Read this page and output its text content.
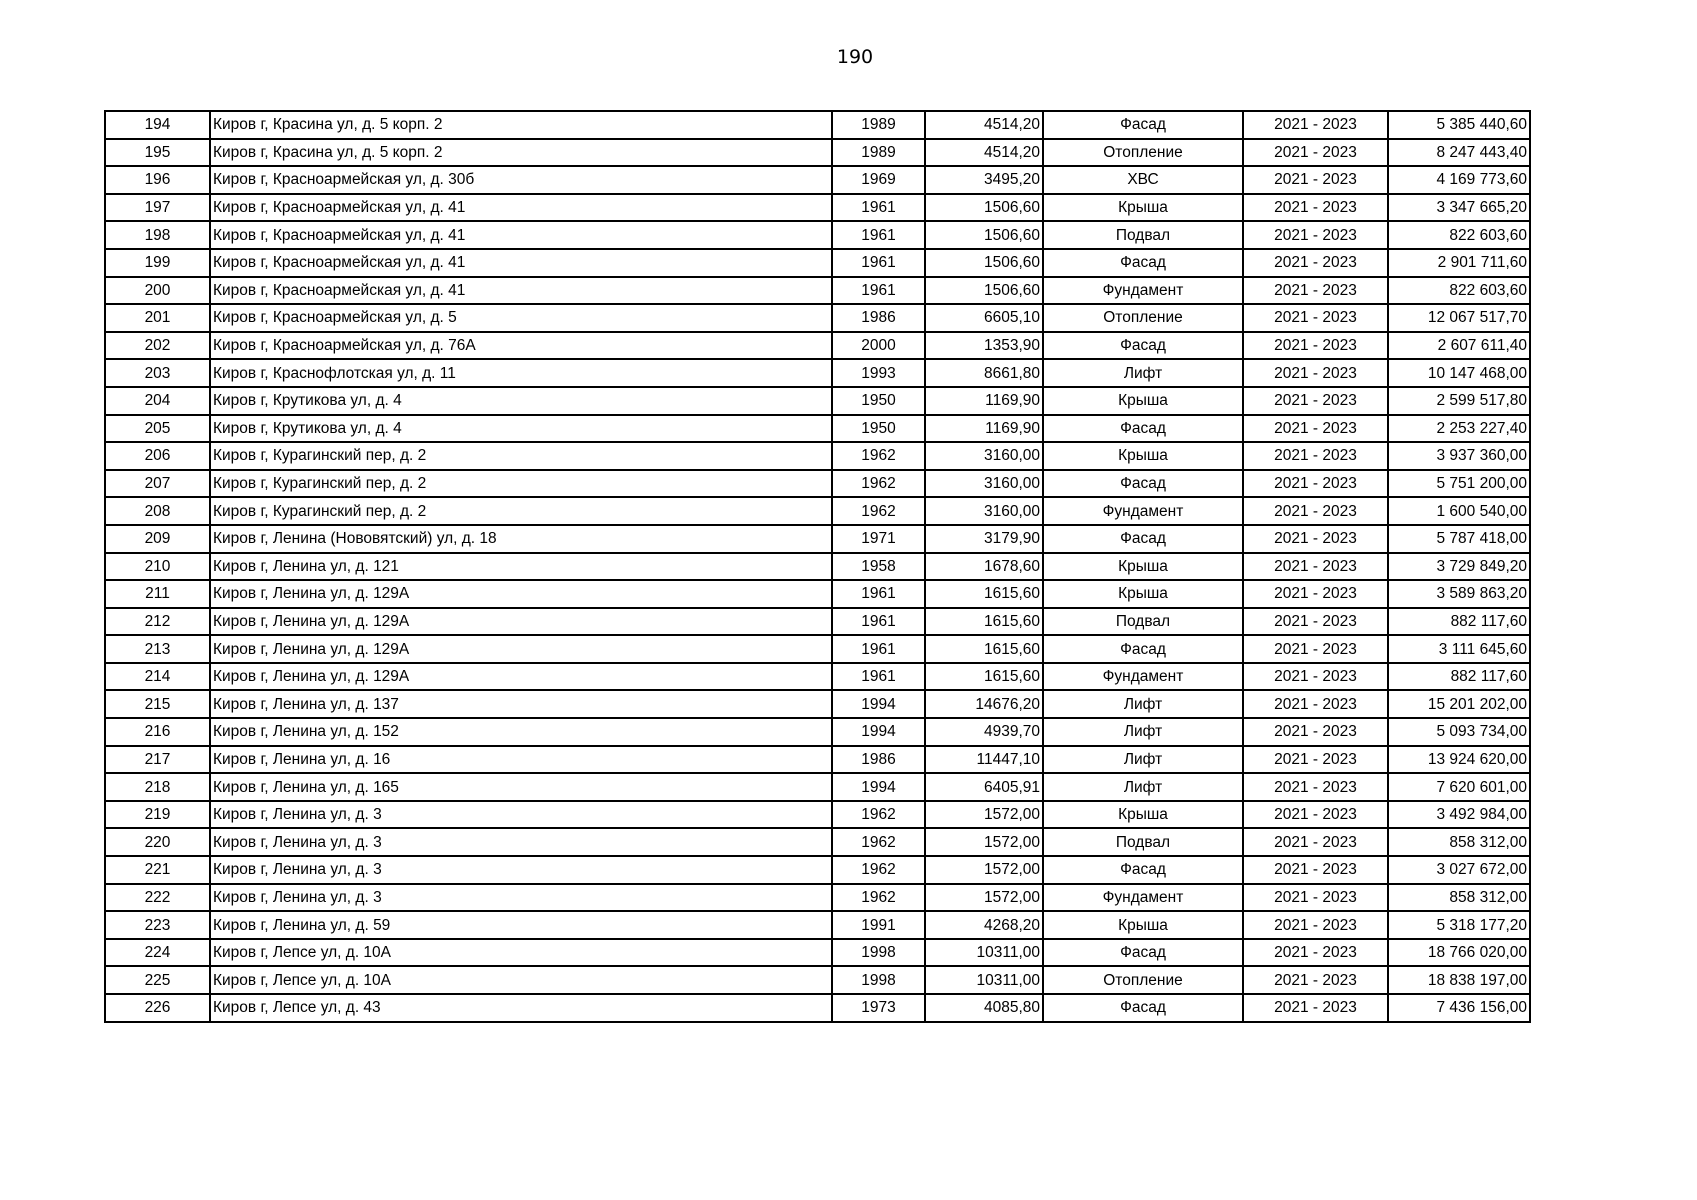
190
194	Киров г, Красина ул, д. 5 корп. 2	1989	4514,20	Фасад	2021 - 2023	5 385 440,60
195	Киров г, Красина ул, д. 5 корп. 2	1989	4514,20	Отопление	2021 - 2023	8 247 443,40
196	Киров г, Красноармейская ул, д. 30б	1969	3495,20	ХВС	2021 - 2023	4 169 773,60
197	Киров г, Красноармейская ул, д. 41	1961	1506,60	Крыша	2021 - 2023	3 347 665,20
198	Киров г, Красноармейская ул, д. 41	1961	1506,60	Подвал	2021 - 2023	822 603,60
199	Киров г, Красноармейская ул, д. 41	1961	1506,60	Фасад	2021 - 2023	2 901 711,60
200	Киров г, Красноармейская ул, д. 41	1961	1506,60	Фундамент	2021 - 2023	822 603,60
201	Киров г, Красноармейская ул, д. 5	1986	6605,10	Отопление	2021 - 2023	12 067 517,70
202	Киров г, Красноармейская ул, д. 76А	2000	1353,90	Фасад	2021 - 2023	2 607 611,40
203	Киров г, Краснофлотская ул, д. 11	1993	8661,80	Лифт	2021 - 2023	10 147 468,00
204	Киров г, Крутикова ул, д. 4	1950	1169,90	Крыша	2021 - 2023	2 599 517,80
205	Киров г, Крутикова ул, д. 4	1950	1169,90	Фасад	2021 - 2023	2 253 227,40
206	Киров г, Курагинский пер, д. 2	1962	3160,00	Крыша	2021 - 2023	3 937 360,00
207	Киров г, Курагинский пер, д. 2	1962	3160,00	Фасад	2021 - 2023	5 751 200,00
208	Киров г, Курагинский пер, д. 2	1962	3160,00	Фундамент	2021 - 2023	1 600 540,00
209	Киров г, Ленина (Нововятский) ул, д. 18	1971	3179,90	Фасад	2021 - 2023	5 787 418,00
210	Киров г, Ленина ул, д. 121	1958	1678,60	Крыша	2021 - 2023	3 729 849,20
211	Киров г, Ленина ул, д. 129А	1961	1615,60	Крыша	2021 - 2023	3 589 863,20
212	Киров г, Ленина ул, д. 129А	1961	1615,60	Подвал	2021 - 2023	882 117,60
213	Киров г, Ленина ул, д. 129А	1961	1615,60	Фасад	2021 - 2023	3 111 645,60
214	Киров г, Ленина ул, д. 129А	1961	1615,60	Фундамент	2021 - 2023	882 117,60
215	Киров г, Ленина ул, д. 137	1994	14676,20	Лифт	2021 - 2023	15 201 202,00
216	Киров г, Ленина ул, д. 152	1994	4939,70	Лифт	2021 - 2023	5 093 734,00
217	Киров г, Ленина ул, д. 16	1986	11447,10	Лифт	2021 - 2023	13 924 620,00
218	Киров г, Ленина ул, д. 165	1994	6405,91	Лифт	2021 - 2023	7 620 601,00
219	Киров г, Ленина ул, д. 3	1962	1572,00	Крыша	2021 - 2023	3 492 984,00
220	Киров г, Ленина ул, д. 3	1962	1572,00	Подвал	2021 - 2023	858 312,00
221	Киров г, Ленина ул, д. 3	1962	1572,00	Фасад	2021 - 2023	3 027 672,00
222	Киров г, Ленина ул, д. 3	1962	1572,00	Фундамент	2021 - 2023	858 312,00
223	Киров г, Ленина ул, д. 59	1991	4268,20	Крыша	2021 - 2023	5 318 177,20
224	Киров г, Лепсе ул, д. 10А	1998	10311,00	Фасад	2021 - 2023	18 766 020,00
225	Киров г, Лепсе ул, д. 10А	1998	10311,00	Отопление	2021 - 2023	18 838 197,00
226	Киров г, Лепсе ул, д. 43	1973	4085,80	Фасад	2021 - 2023	7 436 156,00
